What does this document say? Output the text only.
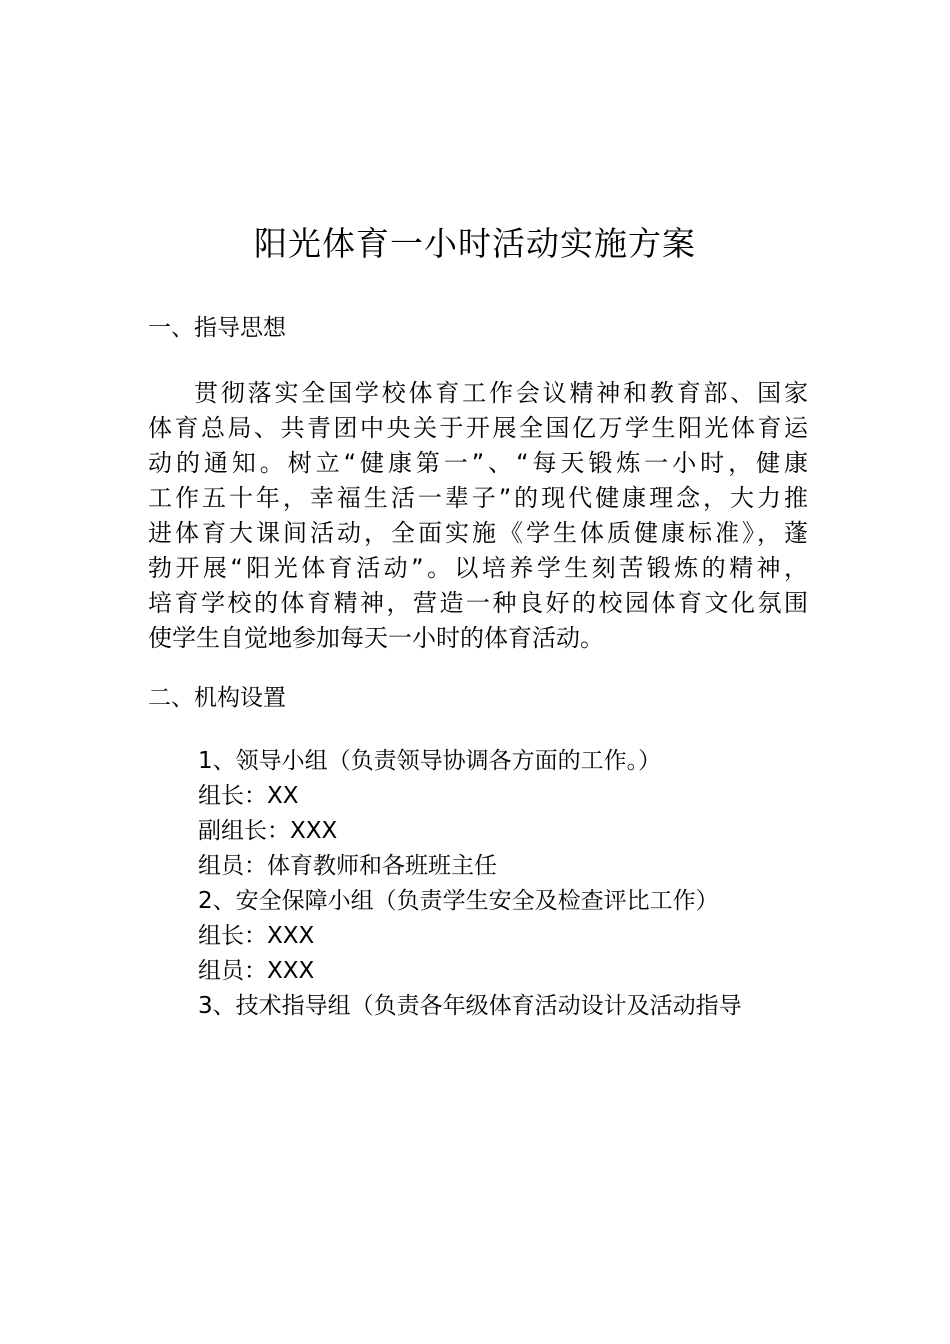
阳光体育一小时活动实施方案
一、指导思想

贯彻落实全国学校体育工作会议精神和教育部、国家
体育总局、共青团中央关于开展全国亿万学生阳光体育运
动的通知。树立“健康第一”、“每天锻炼一小时，健康
工作五十年，幸福生活一辈子”的现代健康理念，大力推
进体育大课间活动，全面实施《学生体质健康标准》，蓬
勃开展“阳光体育活动”。以培养学生刻苦锻炼的精神，
培育学校的体育精神，营造一种良好的校园体育文化氛围
使学生自觉地参加每天一小时的体育活动。

二、机构设置
1、领导小组（负责领导协调各方面的工作。）
组长：XX
副组长：XXX
组员：体育教师和各班班主任
2、安全保障小组（负责学生安全及检查评比工作）
组长：XXX
组员：XXX
3、技术指导组（负责各年级体育活动设计及活动指导
